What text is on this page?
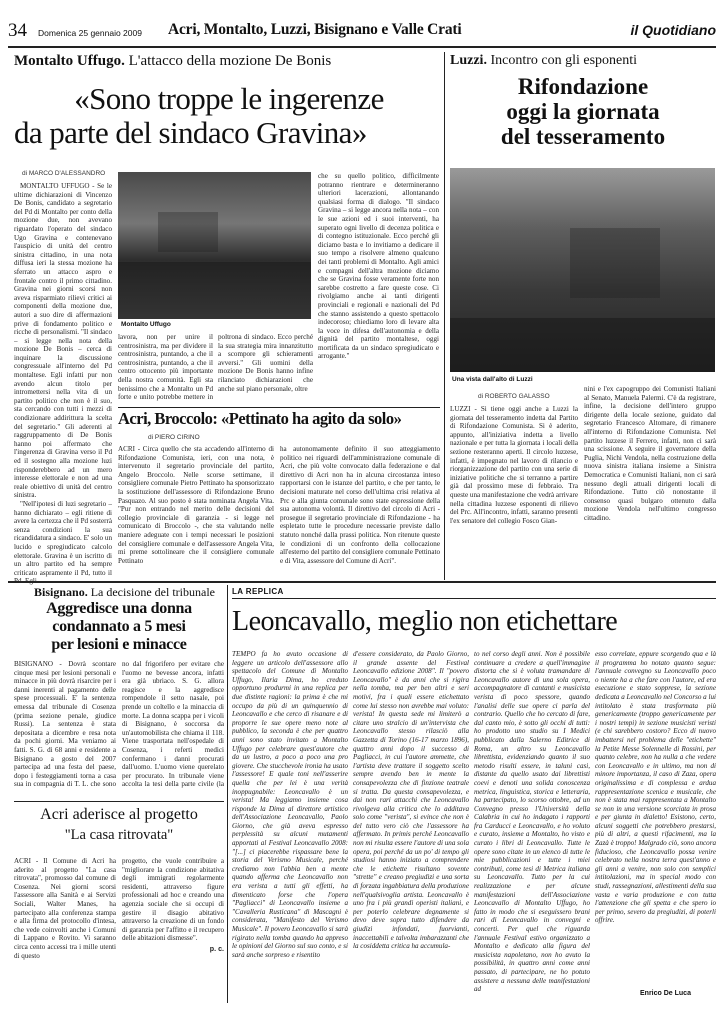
34 Domenica 25 gennaio 2009 Acri, Montalto, Luzzi, Bisignano e Valle Crati	il Quotidiano
Montalto Uffugo. L'attacco della mozione De Bonis
«Sono troppe le ingerenze
da parte del sindaco Gravina»
di MARCO D'ALESSANDRO

MONTALTO UFFUGO - Se le ultime dichiarazioni di Vincenzo De Bonis, candidato a segretario del Pd di Montalto per conto della mozione due, non avevano riguardato l'operato del sindaco Ugo Gravina e contenevano l'auspicio di unità del centro sinistra cittadino, in una nota diffusa ieri la stessa mozione ha sferrato un attacco aspro e frontale contro il primo cittadino. Gravina nei giorni scorsi non aveva risparmiato rilievi critici ai componenti della mozione due, autori a suo dire di affermazioni prive di fondamento politico e ricche di personalismi. "Il sindaco – si legge nella nota della mozione De Bonis – cerca di inquinare la discussione congressuale all'interno del Pd montaltese. Egli infatti pur non avendo alcun titolo per intromettersi nella vita di un partito politico che non è il suo, sta cercando con tutti i mezzi di condizionare addirittura la scelta del segretario." Gli aderenti al raggruppamento di De Bonis hanno poi affermato che l'ingerenza di Gravina verso il Pd ed il sostegno alla mozione luzi risponderebbero ad un mero interesse elettorale e non ad una reale obiettivo di unità del centro sinistra.

"Nell'ipotesi di luzi segretario – hanno dichiarato – egli ritiene di avere la certezza che il Pd sosterrà senza condizioni la sua ricandidatura a sindaco. E' solo un lucido e spregiudicato calcolo elettorale. Gravina è un iscritto di un altro partito ed ha sempre criticato aspramente il Pd, tutto il

Montalto Uffugo

lavora, non per unire il centrosinistra, ma per dividere il centrosinistra, puntando, a che il centrosinistra, puntando, a che il centro ottocento più importante della nostra comunità. Egli sta benissimo che a Montalto un Pd forte e unito potrebbe mettere in

poltrona di sindaco. Ecco perché la sua strategia mira innanzitutto a scompore gli schieramenti avversi." Gli uomini della mozione De Bonis hanno infine rilanciato dichiarazioni che anche sul piano personale, oltre

che su quello politico, difficilmente potranno rientrare e determineranno ulteriori lacerazioni, allontanando qualsiasi forma di dialogo. "Il sindaco Gravina – si legge ancora nella nota – con le sue azioni ed i suoi interventi, ha superato ogni livello di decenza politica e di contegno istituzionale. Ecco perché gli diciamo basta e lo invitiamo a dedicare il suo tempo a risolvere almeno qualcuno dei tanti problemi di Montalto. Agli amici e compagni dell'altra mozione diciamo che se Gravina fosse veramente forte non sarebbe costretto a fare queste cose. Ci rivolgiamo anche ai tanti dirigenti provinciali e regionali e nazionali del Pd che stanno assistendo a questo spettacolo indecoroso; chiediamo loro di levare alta la voce in difesa dell'autonomia e della dignità del partito montaltese, oggi mortificata da un sindaco spregiudicato e arrogante."

Acri, Broccolo: «Pettinato ha agito da solo»
di PIERO CIRINO

ACRI - Circa quello che sta accadendo all'interno di Rifondazione Comunista, ieri, con una nota, è intervenuto il segretario provinciale del partito, Angelo Broccolo. Nelle scorse settimane, il consigliere comunale Pietro Pettinato ha sponsorizzato la sostituzione dell'assessore di Rifondazione Bruno Pasquazo. Al suo posto è stata nominata Angela Vita. "Pur non entrando nel merito delle decisioni del collegio provinciale di garanzia - si legge nel comunicato di Broccolo -, che sta valutando nelle maniere adeguate con i tempi necessari le posizioni del consigliere comunale e dell'assessore Angela Vita, mi preme sottolineare che il consigliere comunale Pettinato

ha autonomamente definito il suo atteggiamento politico nei riguardi dell'amministrazione comunale di Acri, che più volte convocato dalla federazione e dal direttivo di Acri non ha in alcuna circostanza inteso rapportarsi con le istanze del partito, e che per tanto, le decisioni maturate nel corso dell'ultima crisi relativa al Prc e alla giunta comunale sono state espressione della sua autonoma volontà. Il direttivo del circolo di Acri - prosegue il segretario provinciale di Rifondazione - ha espletato tutte le procedure necessarie previste dallo statuto nonché dalla prassi politica. Non ritenute queste le condizioni di un confronto della collocazione all'esterno del partito del consigliere comunale Pettinato e di Vita, assessore del Comune di Acri".

Luzzi. Incontro con gli esponenti
Rifondazione
oggi la giornata
del tesseramento
Una vista dall'alto di Luzzi
di ROBERTO GALASSO

LUZZI - Si tiene oggi anche a Luzzi la giornata del tesseramento indetta dal Partito di Rifondazione Comunista. Si è aderito, appunto, all'iniziativa indetta a livello nazionale e per tutta la giornata i locali della sezione resteranno aperti. Il circolo luzzese, infatti, è impegnato nel lavoro di rilancio e riorganizzazione del partito con una serie di iniziative politiche che si terranno a partire già dal prossimo mese di febbraio. Tra queste una manifestazione che vedrà arrivare nella cittadina luzzese esponenti di rilievo del Prc. All'incontro, infatti, saranno presenti l'ex senatore del collegio Fosco Gian-

nini e l'ex capogruppo dei Comunisti Italiani al Senato, Manuela Palermi. C'è da registrare, infine, la decisione dell'intero gruppo dirigente della locale sezione, guidato dal segretario Francesco Altomare, di rimanere all'interno di Rifondazione Comunista. Nel partito luzzese il Ferrero, infatti, non ci sarà una scissione. A seguire il governatore della Puglia, Nichi Vendola, nella costruzione della nuova sinistra italiana insieme a Sinistra Democratica e Comunisti Italiani, non ci sarà nessuno degli attuali dirigenti locali di Rifondazione. Tutto ciò nonostante il consenso quasi bulgaro ottenuto dalla mozione Vendola nell'ultimo congresso cittadino.

Bisignano. La decisione del tribunale
Aggredisce una donna
condannato a 5 mesi
per lesioni e minacce

BISIGNANO - Dovrà scontare cinque mesi per lesioni personali e minacce in più dovrà risarcire per i danni inerenti al pagamento delle spese processuali. E' la sentenza emessa dal tribunale di Cosenza (prima sezione penale, giudice Russi). La sentenza è stata depositata a dicembre e resa nota da pochi giorni. Ma veniamo ai fatti. S. G. di 68 anni e residente a Bisignano a gosto del 2007 partecipa ad una festa del paese, dopo i festeggiamenti torna a casa sua in compagnia di T. L. che sono

no dal frigorifero per evitare che l'uomo ne bevesse ancora, infatti era già ubriaco. S. G. allora reagisce e la aggredisce rompendole il setto nasale, poi prende un coltello e la minaccia di morte. La donna scappa per i vicoli di Bisignano, è soccorsa da un'automobilista che chiama il 118. Viene trasportata nell'ospedale di Cosenza, i referti medici confermano i danni procurati dall'uomo. L'uomo viene querelato per procurato. In tribunale viene accolta la tesi della parte civile (la

Acri aderisce al progetto
"La casa ritrovata"

ACRI - Il Comune di Acri ha aderito al progetto "La casa ritrovata", promosso dal comune di Cosenza. Nei giorni scorsi l'assessore alla Sanità e ai Servizi Sociali, Walter Manes, ha partecipato alla conferenza stampa e alla firma del protocollo d'intesa, che vede coinvolti anche i Comuni di Lappano e Rovito. Vi saranno circa cento accessi tra i mille utenti di questo

progetto, che vuole contribuire a "migliorare la condizione abitativa degli immigrati regolarmente residenti, attraverso figure professionali ad hoc e creando una agenzia sociale che si occupi di gestire il disagio abitativo attraverso la creazione di un fondo di garanzia per l'affitto e il recupero delle abitazioni dismesse".

p. c.
LA REPLICA
Leoncavallo, meglio non etichettare

TEMPO fa ho avuto occasione di leggere un articolo dell'assessore allo spettacolo del Comune di Montalto Uffugo, Ilaria Dima, ho creduto opportuno produrmi in una replica per due distinte ragioni: la prima è che mi occupo da più di un quinquennio di Leoncavallo e che cerco di risanare e di proporre le sue opere meno note al pubblico, la seconda è che per quattro anni sono stato invitato a Montalto Uffugo per celebrare quest'autore che da un lustro, a poco a poco una pro giovere. Che stucchevole ironia ha usato l'assessore! E quale toni nell'asserire quella che per lei è una verità inoppugnabile: Leoncavallo è un verista! Ma leggiamo insieme cosa risponde la Dima al direttore artistico dell'Associazione Leoncavallo, Paolo Giorno, che già aveva espresso perplessità su alcuni mutamenti apportati al Festival Leoncavallo 2008: "[...] ci piacerebbe rispassare bene la storia del Verismo Musicale, perché crediamo non l'abbia ben a mente quando afferma che Leoncavallo non era verista a tutti gli effetti, ha dimenticato forse che l'opera "Pagliacci" di Leoncavallo insieme a "Cavalleria Rusticana" di Mascagni è considerata, "Manifesto del Verismo Musicale". Il povero Leoncavallo si sarà rigirato nella tomba quando ha appreso le opinioni del Giorno sul suo conto, e si sarà anche sorpreso e risentito

d'essere considerato, da Paolo Giorno, il grande assente del Festival Leoncavallo edizione 2008". Il "povero Leoncavallo" è da anni che si rigira nella tomba, ma per ben altri e seri motivi, fra i quali essere etichettato come lui stesso non avrebbe mai voluto: verista! In questa sede mi limiterò a citare uno stralcio di un'intervista che Leoncavallo stesso rilasciò alla Gazzetta di Torino (16-17 marzo 1896), quattro anni dopo il successo di Pagliacci, in cui l'autore ammette, che l'artista deve trattare il soggetto scelto sempre avendo ben in mente la consapevolezza che di finzione teatrale si tratta. Da questa consapevolezza, e dai non rari attacchi che Leoncavallo rivolgeva alla critica che lo additava solo come "verista", si evince che non è del tutto vero ciò che l'assessore ha affermato. In primis perché Leoncavallo non mi risulta essere l'autore di una sola opera, poi perché da un po' di tempo gli studiosi hanno iniziato a comprendere che le etichette risultano sovente "strette" e creano pregiudizi e una sorta di forzata ingabbiatura della produzione nell'qualsivoglia artista. Leoncavallo è uno fra i più grandi operisti italiani, e per poterlo celebrare degnamente si devo deve sopra tutto difendere da giudizi infondati, fuorvianti, inaccettabili e talvolta imbarazzanti che la cosiddetta critica ha accumula-

to nel corso degli anni. Non è possibile continuare a credere a quell'immagine distorta che si è voluta tramandare di Leoncavallo autore di una sola opera, accompagnatore di cantanti e musicista verista di poco spessore, quando l'analisi delle sue opere ci parla del contrario. Quello che ho cercato di fare, dal canto mio, è sotto gli occhi di tutti: ho prodotto uno studio su I Medici pubblicato dalla Salerno Editrice di Roma, un altro su Leoncavallo librettista, evidenziando quanto il suo metodo risulti essere, in taluni casi, distante da quello usato dai librettisti coevi e denoti una solida conoscenza metrica, linguistica, storica e letteraria, ha partecipato, lo scorso ottobre, ad un Convegno presso l'Università della Calabria in cui ho indagato i rapporti fra Carducci e Leoncavallo, e ho voluto e curato, insieme a Montalto, ho visto e curato i libri di Leoncavallo. Tutte le opere sono citate in un elenco di tutte le mie pubblicazioni e tutte i miei contributi, come tesi di Metrica italiana su Leoncavallo. Tutto per la cui realizzazione e per alcune manifestazioni dell'Associazione Leoncavallo di Montalto Uffugo, ho fatto in modo che si eseguissero brani rari di Leoncavallo in convegni e concerti. Per quel che riguarda l'annuale Festival estivo organizzato a Montalto e dedicato alla figura del musicista napoletano, non ho avuto la possibilità, in quattro anni come anni passato, di partecipare, ne ho potuto assistere a nessuna delle manifestazioni ad

esso correlate, eppure scorgendo qua e là il programma ho notato quanto segue: l'annuale convegno su Leoncavallo poco o niente ha a che fare con l'autore, ed era esecuzione e stato sopprese, la sezione dedicata a Leoncavallo nel Concorso a lui intitolato è stata trasformata più genericamente (troppo genericamente per i nostri tempi) in sezione musicisti veristi (e chi sarebbero costoro? Ecco di nuovo imbattersi nel problema delle "etichette" la Petite Messe Solennelle di Rossini, per quanto celebre, non ha nulla a che vedere con Leoncavallo e in ultimo, ma non di minore importanza, il caso di Zaza, opera originalissima e di complessa e ardua rappresentazione scenica e musicale, che non è stata mai rappresentata a Montalto se non in una versione scorciata in prosa e per giunta in dialetto! Esistono, certo, alcuni soggetti che potrebbero prestarsi, più di altri, a questi rifacimenti, ma la Zazà è troppo! Malgrado ciò, sono ancora fiducioso, che Leoncavallo possa venire celebrato nella nostra terra quest'anno e gli anni a venire, non solo con semplici intitolazioni, ma in special modo con studi, rassegnazioni, allestimenti della sua vasta e varia produzione e con tutta l'attenzione che gli spetta e che spero io per primo, severo da pregiudizi, di poterli offrire.

Enrico De Luca
